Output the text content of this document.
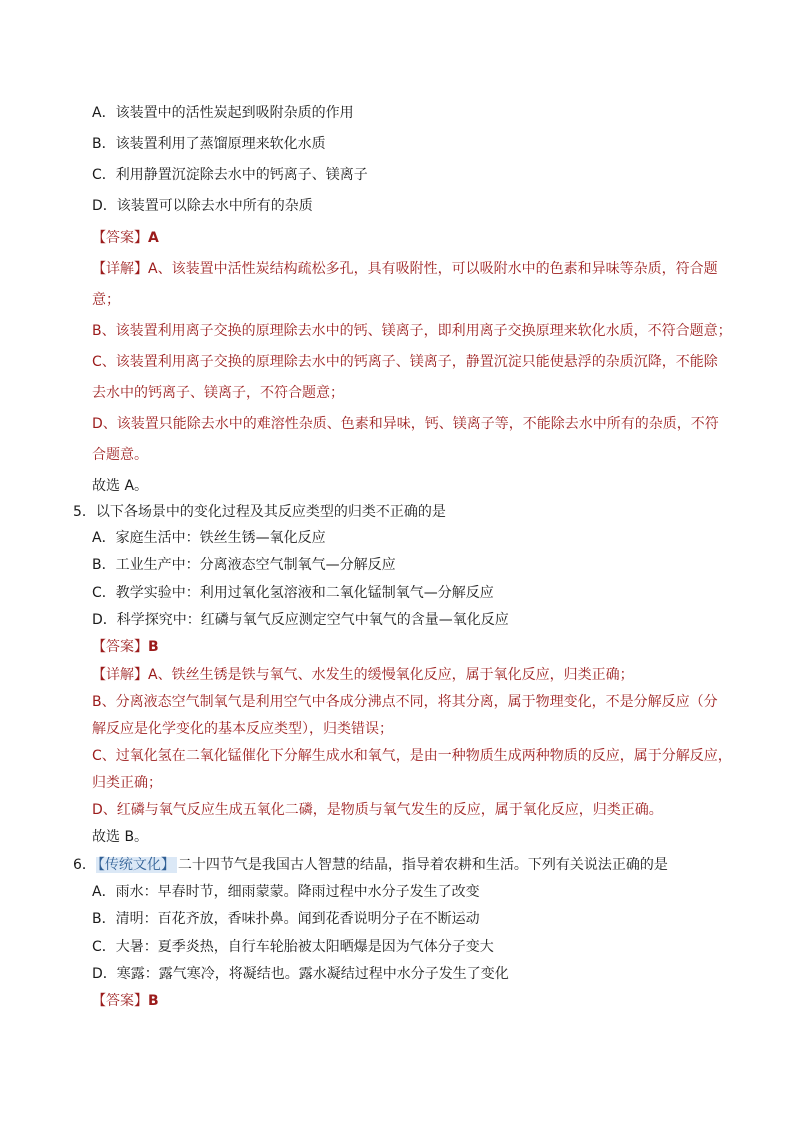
A．该装置中的活性炭起到吸附杂质的作用
B．该装置利用了蒸馏原理来软化水质
C．利用静置沉淀除去水中的钙离子、镁离子
D．该装置可以除去水中所有的杂质
【答案】A
【详解】A、该装置中活性炭结构疏松多孔，具有吸附性，可以吸附水中的色素和异味等杂质，符合题
意；
B、该装置利用离子交换的原理除去水中的钙、镁离子，即利用离子交换原理来软化水质，不符合题意；
C、该装置利用离子交换的原理除去水中的钙离子、镁离子，静置沉淀只能使悬浮的杂质沉降，不能除
去水中的钙离子、镁离子，不符合题意；
D、该装置只能除去水中的难溶性杂质、色素和异味，钙、镁离子等，不能除去水中所有的杂质，不符
合题意。
故选 A。
5．以下各场景中的变化过程及其反应类型的归类不正确的是
A．家庭生活中：铁丝生锈—氧化反应
B．工业生产中：分离液态空气制氧气—分解反应
C．教学实验中：利用过氧化氢溶液和二氧化锰制氧气—分解反应
D．科学探究中：红磷与氧气反应测定空气中氧气的含量—氧化反应
【答案】B
【详解】A、铁丝生锈是铁与氧气、水发生的缓慢氧化反应，属于氧化反应，归类正确；
B、分离液态空气制氧气是利用空气中各成分沸点不同，将其分离，属于物理变化，不是分解反应（分
解反应是化学变化的基本反应类型），归类错误；
C、过氧化氢在二氧化锰催化下分解生成水和氧气，是由一种物质生成两种物质的反应，属于分解反应，
归类正确；
D、红磷与氧气反应生成五氧化二磷，是物质与氧气发生的反应，属于氧化反应，归类正确。
故选 B。
6． 【传统文化】 二十四节气是我国古人智慧的结晶，指导着农耕和生活。下列有关说法正确的是
A．雨水：早春时节，细雨蒙蒙。降雨过程中水分子发生了改变
B．清明：百花齐放，香味扑鼻。闻到花香说明分子在不断运动
C．大暑：夏季炎热，自行车轮胎被太阳晒爆是因为气体分子变大
D．寒露：露气寒冷，将凝结也。露水凝结过程中水分子发生了变化
【答案】B
